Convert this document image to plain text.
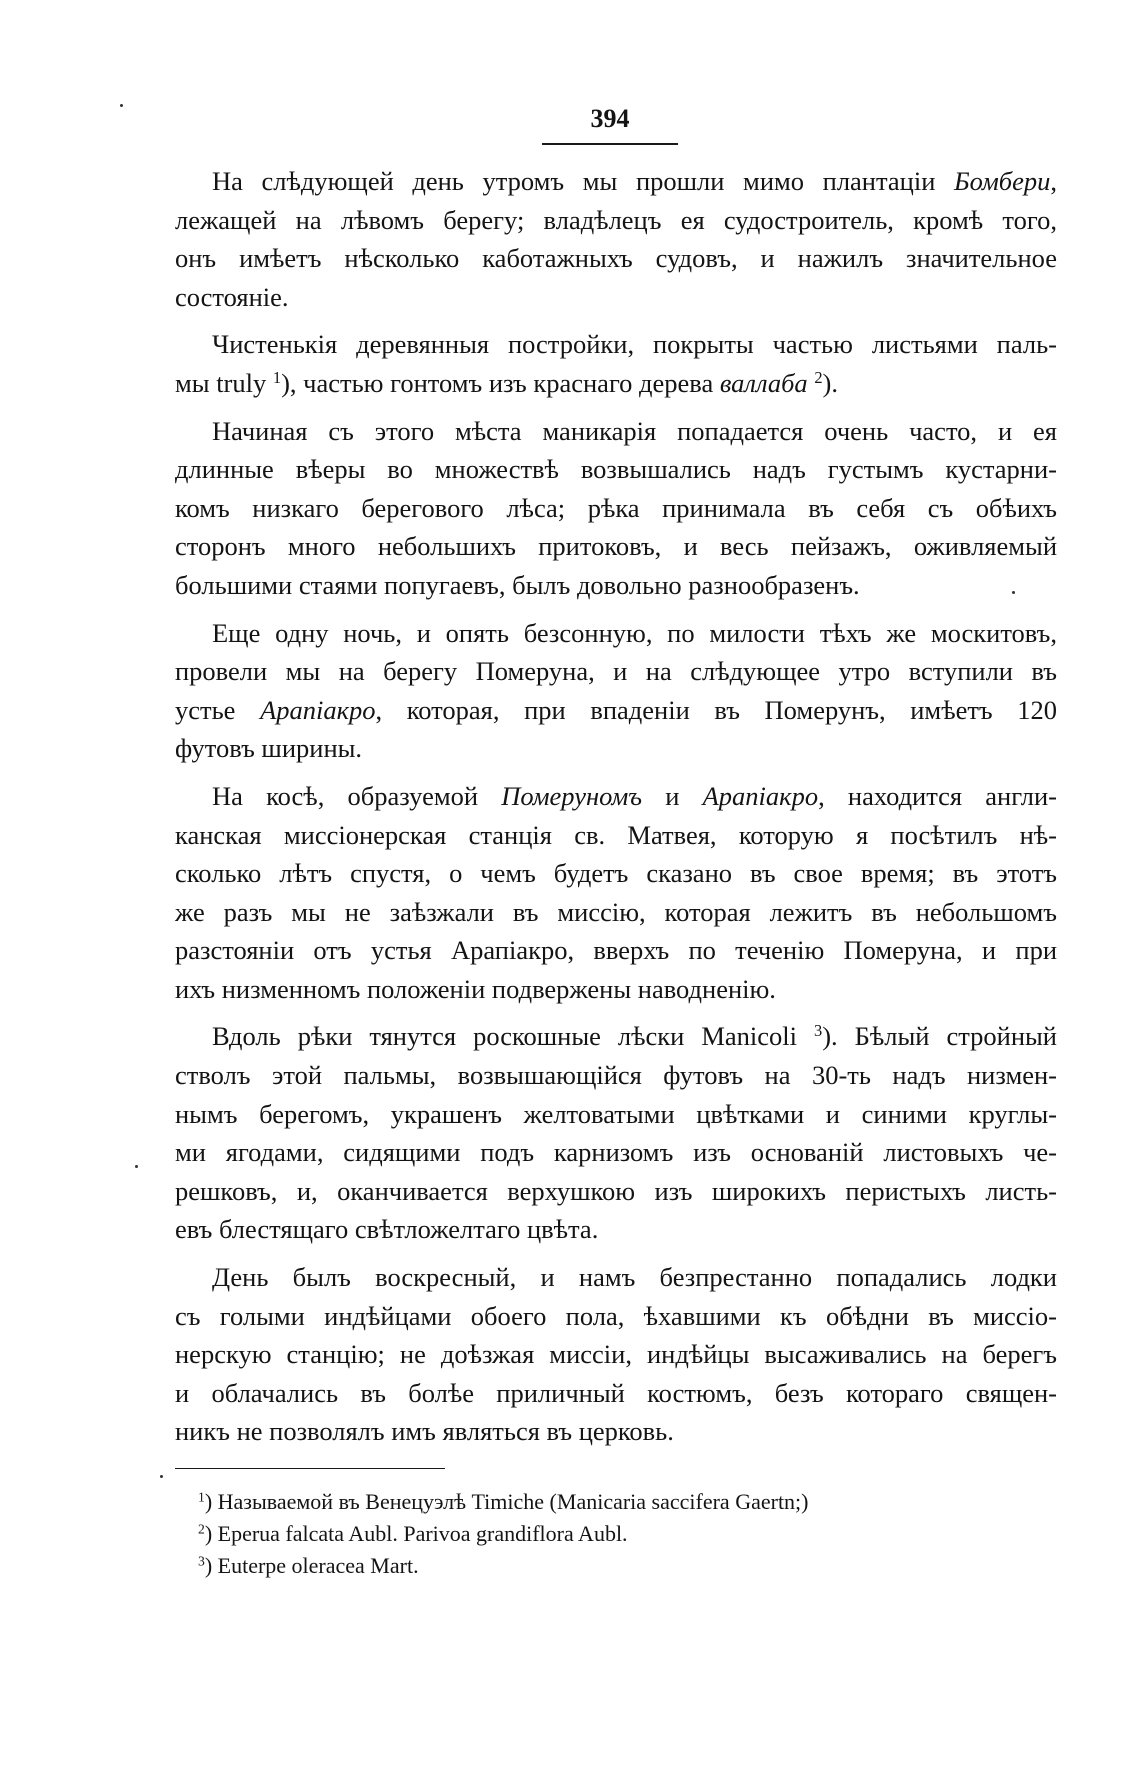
394
На слѣдующей день утромъ мы прошли мимо плантаціи Бомбери,
лежащей на лѣвомъ берегу; владѣлецъ ея судостроитель, кромѣ того,
онъ имѣетъ нѣсколько каботажныхъ судовъ, и нажилъ значительное
состояніе.
Чистенькія деревянныя постройки, покрыты частью листьями паль-
мы truly $^1$), частью гонтомъ изъ краснаго дерева валлаба $^2$).
Начиная съ этого мѣста маникарія попадается очень часто, и ея
длинные вѣеры во множествѣ возвышались надъ густымъ кустарни-
комъ низкаго берегового лѣса; рѣка принимала въ себя съ обѣихъ
сторонъ много небольшихъ притоковъ, и весь пейзажъ, оживляемый
большими стаями попугаевъ, былъ довольно разнообразенъ.
Еще одну ночь, и опять безсонную, по милости тѣхъ же москитовъ,
провели мы на берегу Померуна, и на слѣдующее утро вступили въ
устье Арапіакро, которая, при впаденіи въ Померунъ, имѣетъ 120
футовъ ширины.
На косѣ, образуемой Померуномъ и Арапіакро, находится англи-
канская миссіонерская станція св. Матвея, которую я посѣтилъ нѣ-
сколько лѣтъ спустя, о чемъ будетъ сказано въ свое время; въ этотъ
же разъ мы не заѣзжали въ миссію, которая лежитъ въ небольшомъ
разстояніи отъ устья Арапіакро, вверхъ по теченію Померуна, и при
ихъ низменномъ положеніи подвержены наводненію.
Вдоль рѣки тянутся роскошные лѣски Manicoli $^3$). Бѣлый стройный
стволъ этой пальмы, возвышающійся футовъ на 30-ть надъ низмен-
нымъ берегомъ, украшенъ желтоватыми цвѣтками и синими круглы-
ми ягодами, сидящими подъ карнизомъ изъ основаній листовыхъ че-
решковъ, и, оканчивается верхушкою изъ широкихъ перистыхъ листь-
евъ блестящаго свѣтложелтаго цвѣта.
День былъ воскресный, и намъ безпрестанно попадались лодки
съ голыми индѣйцами обоего пола, ѣхавшими къ обѣдни въ миссіо-
нерскую станцію; не доѣзжая миссіи, индѣйцы высаживались на берегъ
и облачались въ болѣе приличный костюмъ, безъ котораго священ-
никъ не позволялъ имъ являться въ церковь.
$^1$) Называемой въ Венецуэлѣ Timiche (Manicaria saccifera Gaertn;)
$^2$) Eperua falcata Aubl. Parivoa grandiflora Aubl.
$^3$) Euterpe oleracea Mart.
